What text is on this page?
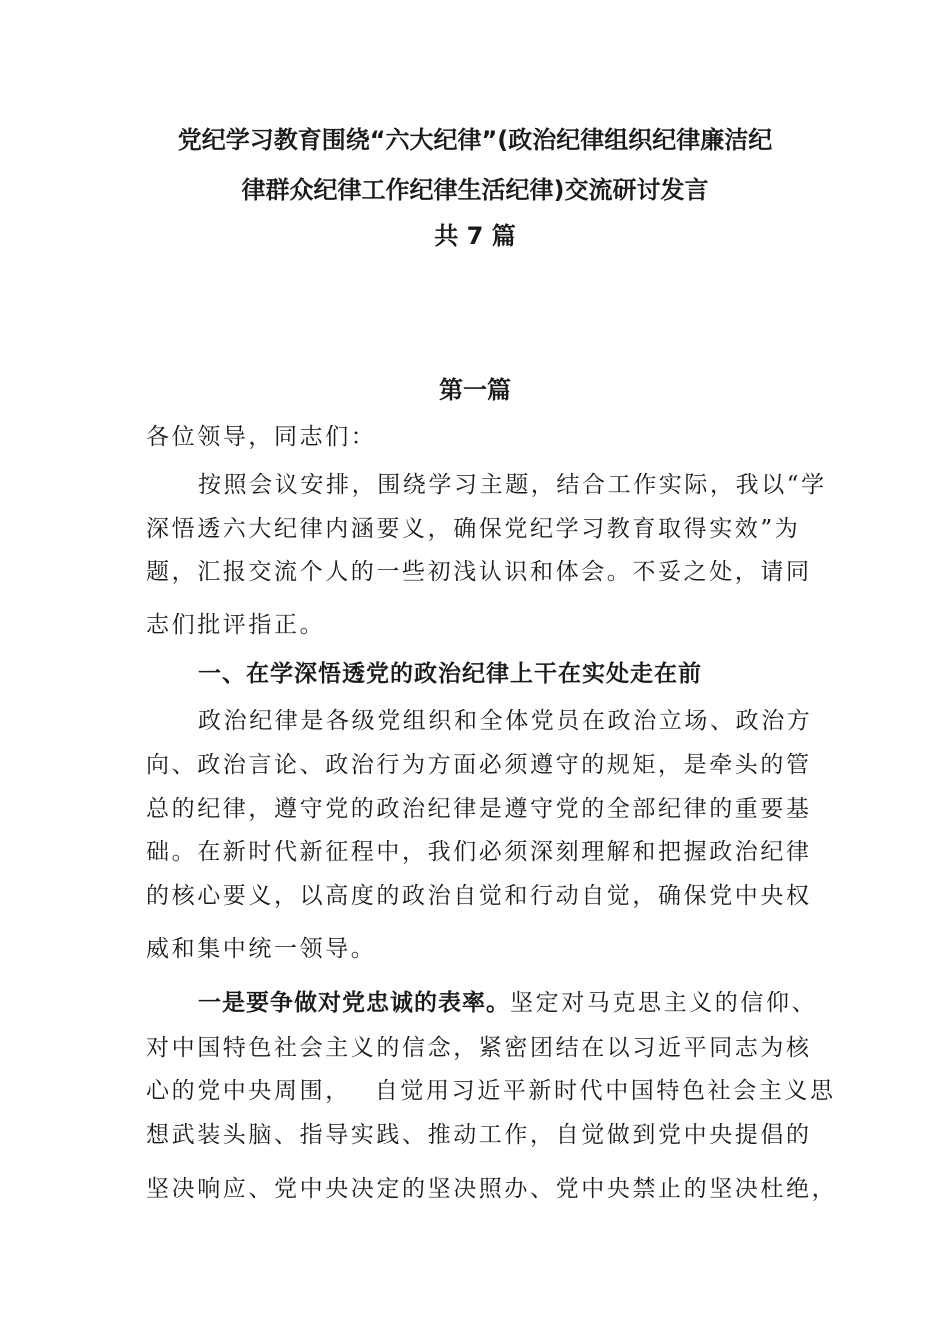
党纪学习教育围绕“六大纪律”(政治纪律组织纪律廉洁纪
律群众纪律工作纪律生活纪律)交流研讨发言
共 7 篇
第一篇
各位领导，同志们：
按照会议安排，围绕学习主题，结合工作实际，我以“学
深悟透六大纪律内涵要义，确保党纪学习教育取得实效”为
题，汇报交流个人的一些初浅认识和体会。不妥之处，请同
志们批评指正。
一、在学深悟透党的政治纪律上干在实处走在前
政治纪律是各级党组织和全体党员在政治立场、政治方
向、政治言论、政治行为方面必须遵守的规矩，是牵头的管
总的纪律，遵守党的政治纪律是遵守党的全部纪律的重要基
础。在新时代新征程中，我们必须深刻理解和把握政治纪律
的核心要义，以高度的政治自觉和行动自觉，确保党中央权
威和集中统一领导。
一是要争做对党忠诚的表率。坚定对马克思主义的信仰、
对中国特色社会主义的信念，紧密团结在以习近平同志为核
心的党中央周围，　 自觉用习近平新时代中国特色社会主义思
想武装头脑、指导实践、推动工作，自觉做到党中央提倡的
坚决响应、党中央决定的坚决照办、党中央禁止的坚决杜绝，
